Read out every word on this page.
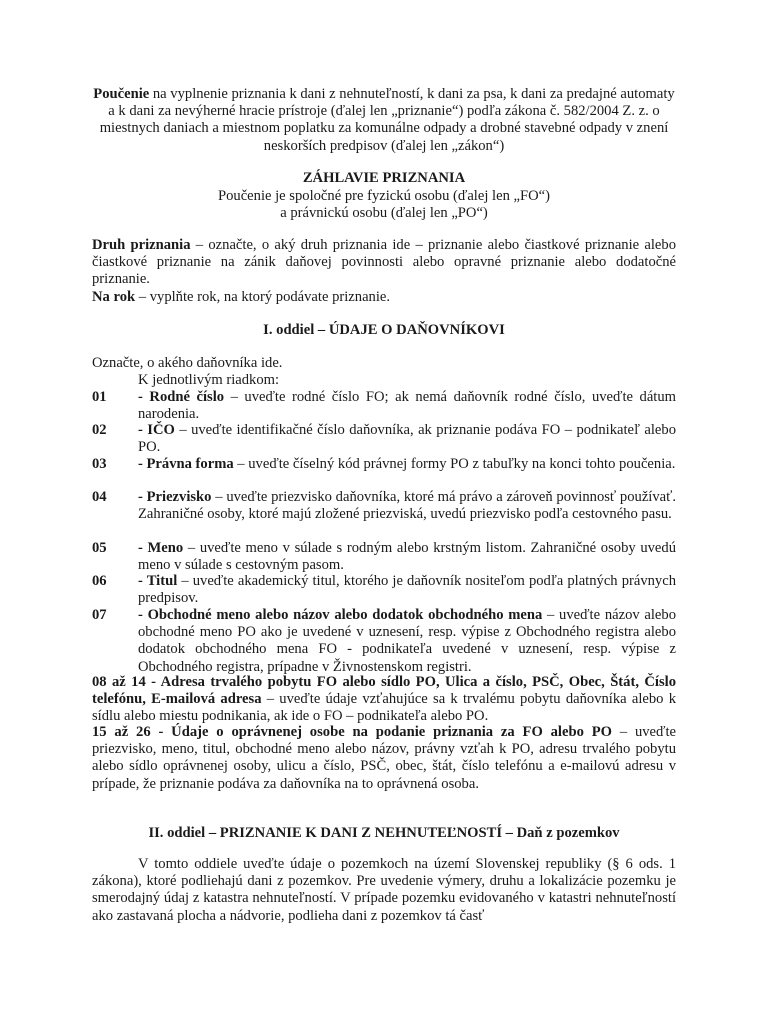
Poučenie na vyplnenie priznania k dani z nehnuteľností, k dani za psa, k dani za predajné automaty a k dani za nevýherné hracie prístroje (ďalej len „priznanie“) podľa zákona č. 582/2004 Z. z. o miestnych daniach a miestnom poplatku za komunálne odpady a drobné stavebné odpady v znení neskorších predpisov (ďalej len „zákon“)
ZÁHLAVIE PRIZNANIA
Poučenie je spoločné pre fyzickú osobu (ďalej len „FO“)
a právnickú osobu (ďalej len „PO“)
Druh priznania – označte, o aký druh priznania ide – priznanie alebo čiastkové priznanie alebo čiastkové priznanie na zánik daňovej povinnosti alebo opravné priznanie alebo dodatočné priznanie.
Na rok – vyplňte rok, na ktorý podávate priznanie.
I. oddiel – ÚDAJE O DAŇOVNÍKOVI
Označte, o akého daňovníka ide.
K jednotlivým riadkom:
01 - Rodné číslo – uveďte rodné číslo FO; ak nemá daňovník rodné číslo, uveďte dátum narodenia.
02 - IČO – uveďte identifikačné číslo daňovníka, ak priznanie podáva FO – podnikateľ alebo PO.
03 - Právna forma – uveďte číselný kód právnej formy PO z tabuľky na konci tohto poučenia.
04 - Priezvisko – uveďte priezvisko daňovníka, ktoré má právo a zároveň povinnosť používať. Zahraničné osoby, ktoré majú zložené priezviská, uvedú priezvisko podľa cestovného pasu.
05 - Meno – uveďte meno v súlade s rodným alebo krstným listom. Zahraničné osoby uvedú meno v súlade s cestovným pasom.
06 - Titul – uveďte akademický titul, ktorého je daňovník nositeľom podľa platných právnych predpisov.
07 - Obchodné meno alebo názov alebo dodatok obchodného mena – uveďte názov alebo obchodné meno PO ako je uvedené v uznesení, resp. výpise z Obchodného registra alebo dodatok obchodného mena FO - podnikateľa uvedené v uznesení, resp. výpise z Obchodného registra, prípadne v Živnostenskom registri.
08 až 14 - Adresa trvalého pobytu FO alebo sídlo PO, Ulica a číslo, PSČ, Obec, Štát, Číslo telefónu, E-mailová adresa – uveďte údaje vzťahujúce sa k trvalému pobytu daňovníka alebo k sídlu alebo miestu podnikania, ak ide o FO – podnikateľa alebo PO.
15 až 26 - Údaje o oprávnenej osobe na podanie priznania za FO alebo PO – uveďte priezvisko, meno, titul, obchodné meno alebo názov, právny vzťah k PO, adresu trvalého pobytu alebo sídlo oprávnenej osoby, ulicu a číslo, PSČ, obec, štát, číslo telefónu a e-mailovú adresu v prípade, že priznanie podáva za daňovníka na to oprávnená osoba.
II. oddiel – PRIZNANIE K DANI Z NEHNUTEĽNOSTÍ – Daň z pozemkov
V tomto oddiele uveďte údaje o pozemkoch na území Slovenskej republiky (§ 6 ods. 1 zákona), ktoré podliehajú dani z pozemkov. Pre uvedenie výmery, druhu a lokalizácie pozemku je smerodajný údaj z katastra nehnuteľností. V prípade pozemku evidovaného v katastri nehnuteľností ako zastavaná plocha a nádvorie, podlieha dani z pozemkov tá časť
